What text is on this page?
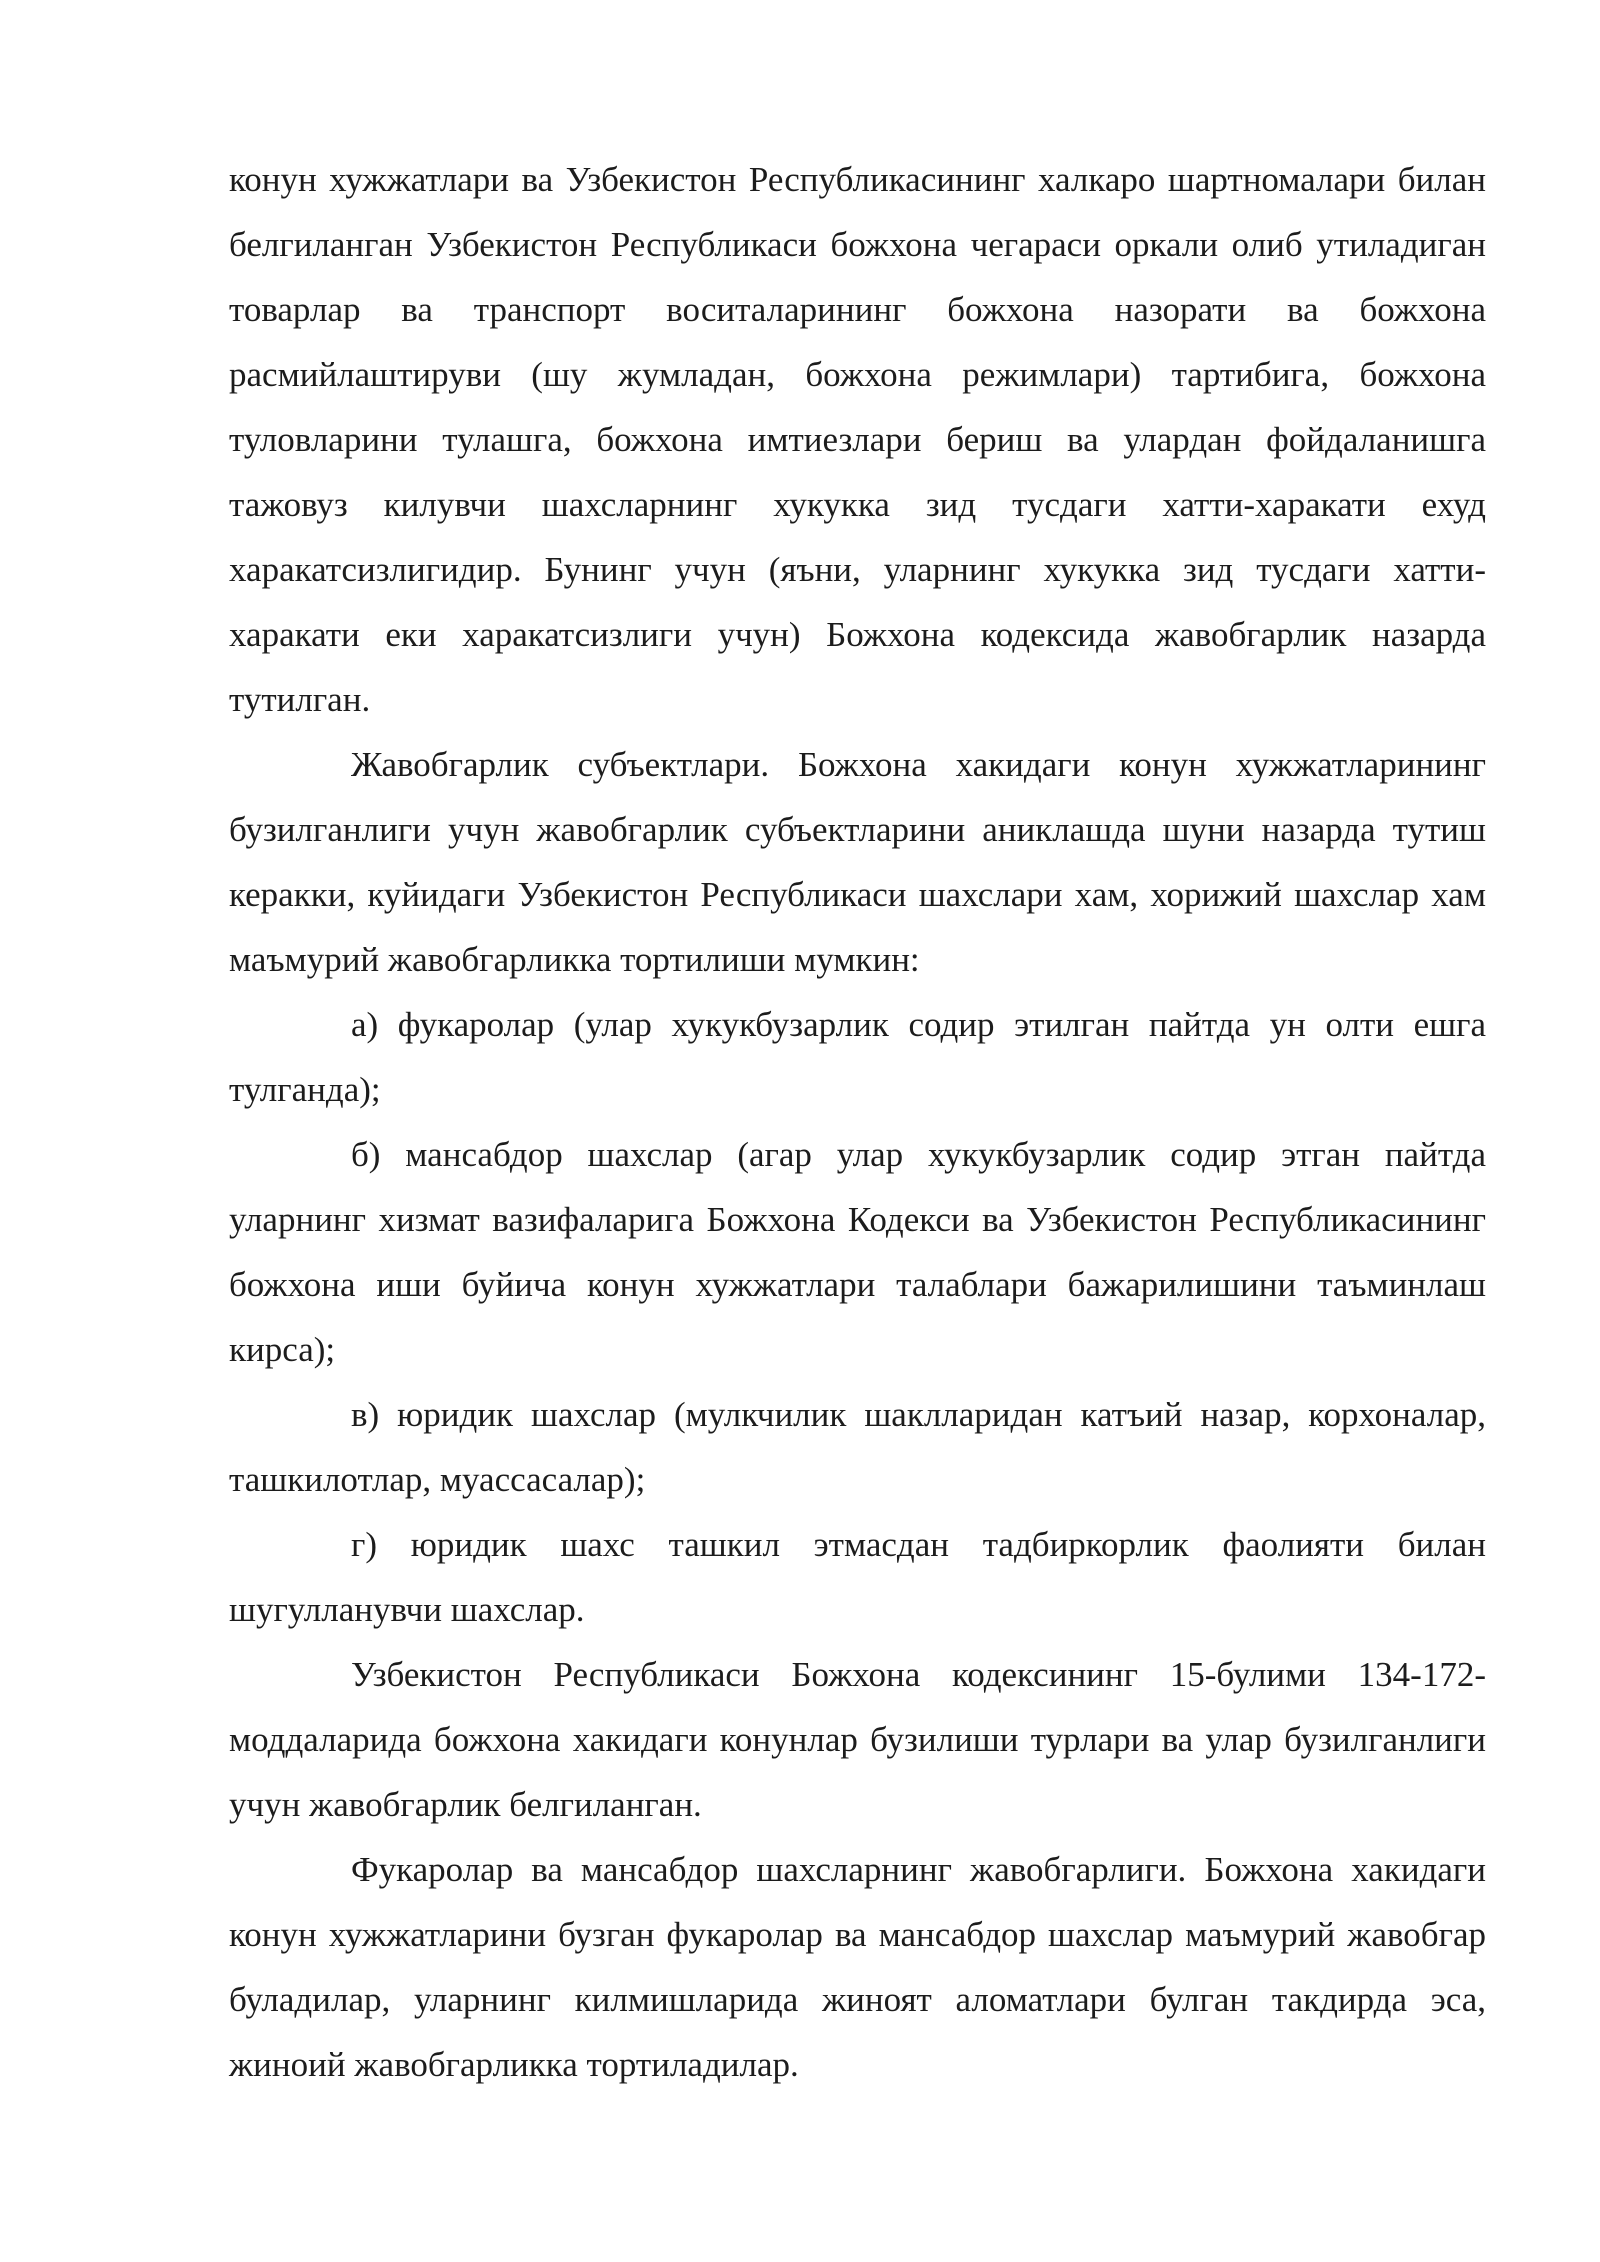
конун хужжатлари ва Узбекистон Республикасининг халкаро шартномалари билан белгиланган Узбекистон Республикаси божхона чегараси оркали олиб утиладиган товарлар ва транспорт воситаларининг божхона назорати ва божхона расмийлаштируви (шу жумладан, божхона режимлари) тартибига, божхона туловларини тулашга, божхона имтиезлари бериш ва улардан фойдаланишга тажовуз килувчи шахсларнинг хукукка зид тусдаги хатти-харакати ехуд харакатсизлигидир. Бунинг учун (яъни, уларнинг хукукка зид тусдаги хатти-харакати еки харакатсизлиги учун) Божхона кодексида жавобгарлик назарда тутилган.

Жавобгарлик субъектлари. Божхона хакидаги конун хужжатларининг бузилганлиги учун жавобгарлик субъектларини аниклашда шуни назарда тутиш керакки, куйидаги Узбекистон Республикаси шахслари хам, хорижий шахслар хам маъмурий жавобгарликка тортилиши мумкин:

а) фукаролар (улар хукукбузарлик содир этилган пайтда ун олти ешга тулганда);

б) мансабдор шахслар (агар улар хукукбузарлик содир этган пайтда уларнинг хизмат вазифаларига Божхона Кодекси ва Узбекистон Республикасининг божхона иши буйича конун хужжатлари талаблари бажарилишини таъминлаш кирса);

в) юридик шахслар (мулкчилик шаклларидан катъий назар, корхоналар, ташкилотлар, муассасалар);

г) юридик шахс ташкил этмасдан тадбиркорлик фаолияти билан шугулланувчи шахслар.

Узбекистон Республикаси Божхона кодексининг 15-булими 134-172-моддаларида божхона хакидаги конунлар бузилиши турлари ва улар бузилганлиги учун жавобгарлик белгиланган.

Фукаролар ва мансабдор шахсларнинг жавобгарлиги. Божхона хакидаги конун хужжатларини бузган фукаролар ва мансабдор шахслар маъмурий жавобгар буладилар, уларнинг килмишларида жиноят аломатлари булган такдирда эса, жиноий жавобгарликка тортиладилар.
